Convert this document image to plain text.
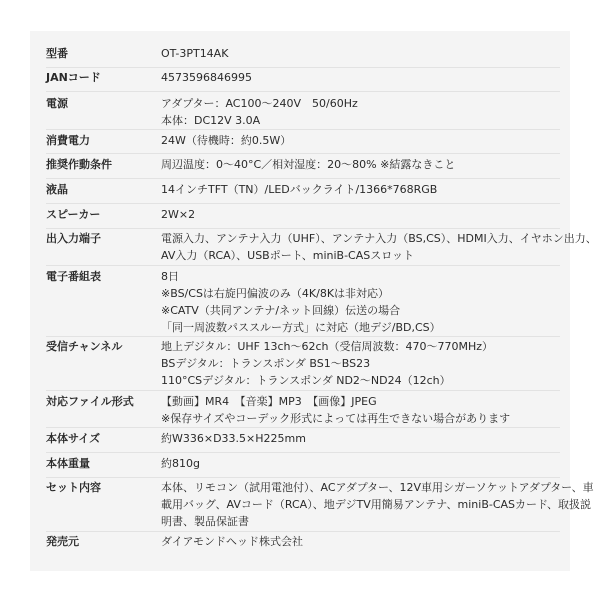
型番	OT-3PT14AK
JANコード	4573596846995
電源	アダプター：AC100〜240V　50/60Hz
本体：DC12V 3.0A
消費電力	24W（待機時：約0.5W）
推奨作動条件	周辺温度：0〜40°C／相対湿度：20〜80% ※結露なきこと
液晶	14インチTFT（TN）/LEDバックライト/1366*768RGB
スピーカー	2W×2
出入力端子	電源入力、アンテナ入力（UHF）、アンテナ入力（BS,CS）、HDMI入力、イヤホン出力、
AV入力（RCA）、USBポート、miniB-CASスロット
電子番組表	8日
※BS/CSは右旋円偏波のみ（4K/8Kは非対応）
※CATV（共同アンテナ/ネット回線）伝送の場合
「同一周波数パススルー方式」に対応（地デジ/BD,CS）
受信チャンネル	地上デジタル：UHF 13ch〜62ch（受信周波数：470〜770MHz）
BSデジタル：トランスポンダ BS1〜BS23
110°CSデジタル：トランスポンダ ND2〜ND24（12ch）
対応ファイル形式	【動画】MR4　【音楽】MP3　【画像】JPEG
※保存サイズやコーデック形式によっては再生できない場合があります
本体サイズ	約W336×D33.5×H225mm
本体重量	約810g
セット内容	本体、リモコン（試用電池付）、ACアダプター、12V車用シガーソケットアダプター、車
載用バッグ、AVコード（RCA）、地デジTV用簡易アンテナ、miniB-CASカード、取扱説
明書、製品保証書
発売元	ダイアモンドヘッド株式会社
